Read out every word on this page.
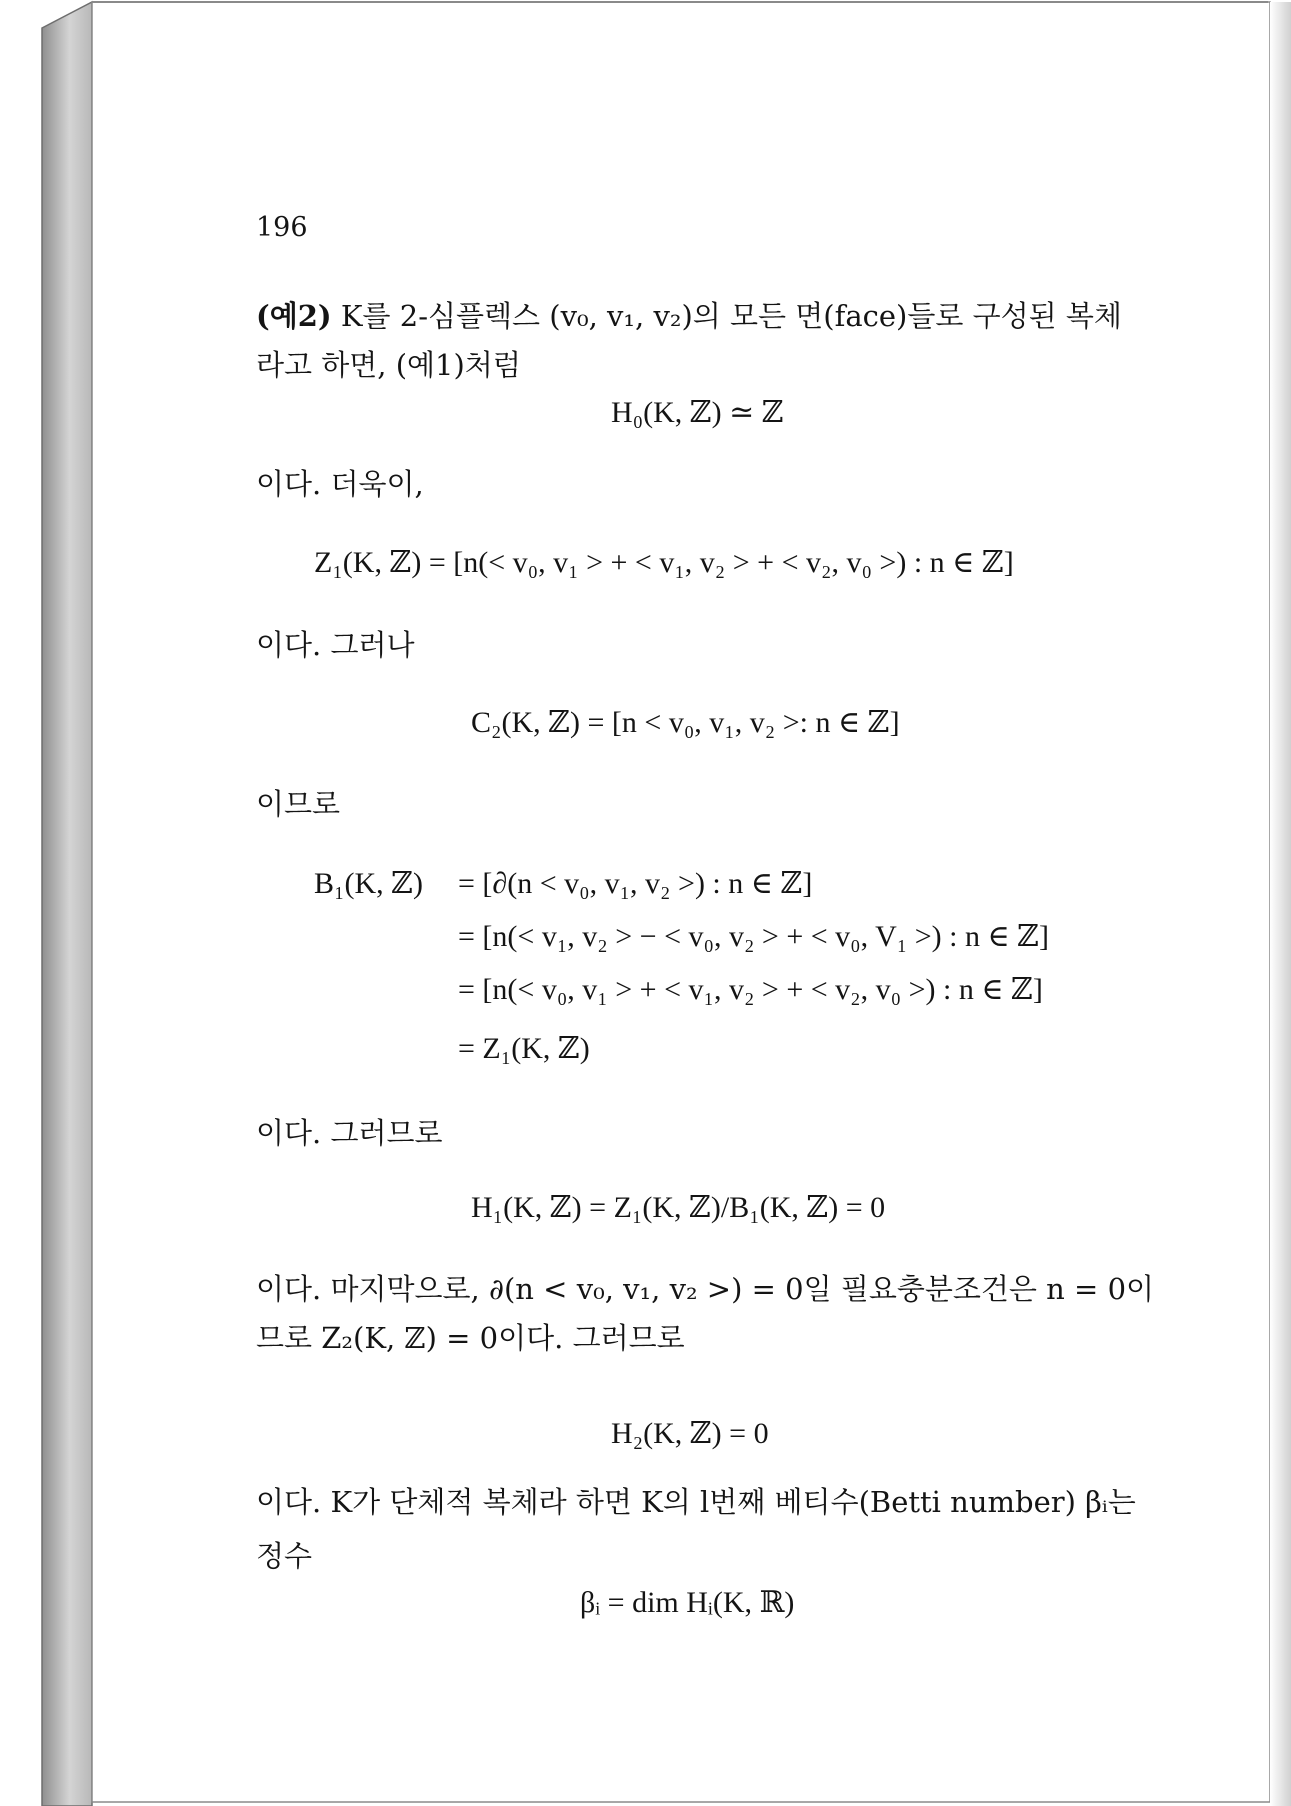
196
(예2) K를 2-심플렉스 (v₀, v₁, v₂)의 모든 면(face)들로 구성된 복체
라고 하면, (예1)처럼
H₀(K, ℤ) ≃ ℤ
이다. 더욱이,
Z₁(K, ℤ) = [n(< v₀, v₁ > + < v₁, v₂ > + < v₂, v₀ >) : n ∈ ℤ]
이다. 그러나
C₂(K, ℤ) = [n < v₀, v₁, v₂ >: n ∈ ℤ]
이므로
B₁(K, ℤ) = [∂(n < v₀, v₁, v₂ >) : n ∈ ℤ]
= [n(< v₁, v₂ > − < v₀, v₂ > + < v₀, V₁ >) : n ∈ ℤ]
= [n(< v₀, v₁ > + < v₁, v₂ > + < v₂, v₀ >) : n ∈ ℤ]
= Z₁(K, ℤ)
이다. 그러므로
H₁(K, ℤ) = Z₁(K, ℤ)/B₁(K, ℤ) = 0
이다. 마지막으로, ∂(n < v₀, v₁, v₂ >) = 0일 필요충분조건은 n = 0이
므로 Z₂(K, ℤ) = 0이다. 그러므로
H₂(K, ℤ) = 0
이다. K가 단체적 복체라 하면 K의 l번째 베티수(Betti number) βᵢ는
정수
βᵢ = dim Hᵢ(K, ℝ)
